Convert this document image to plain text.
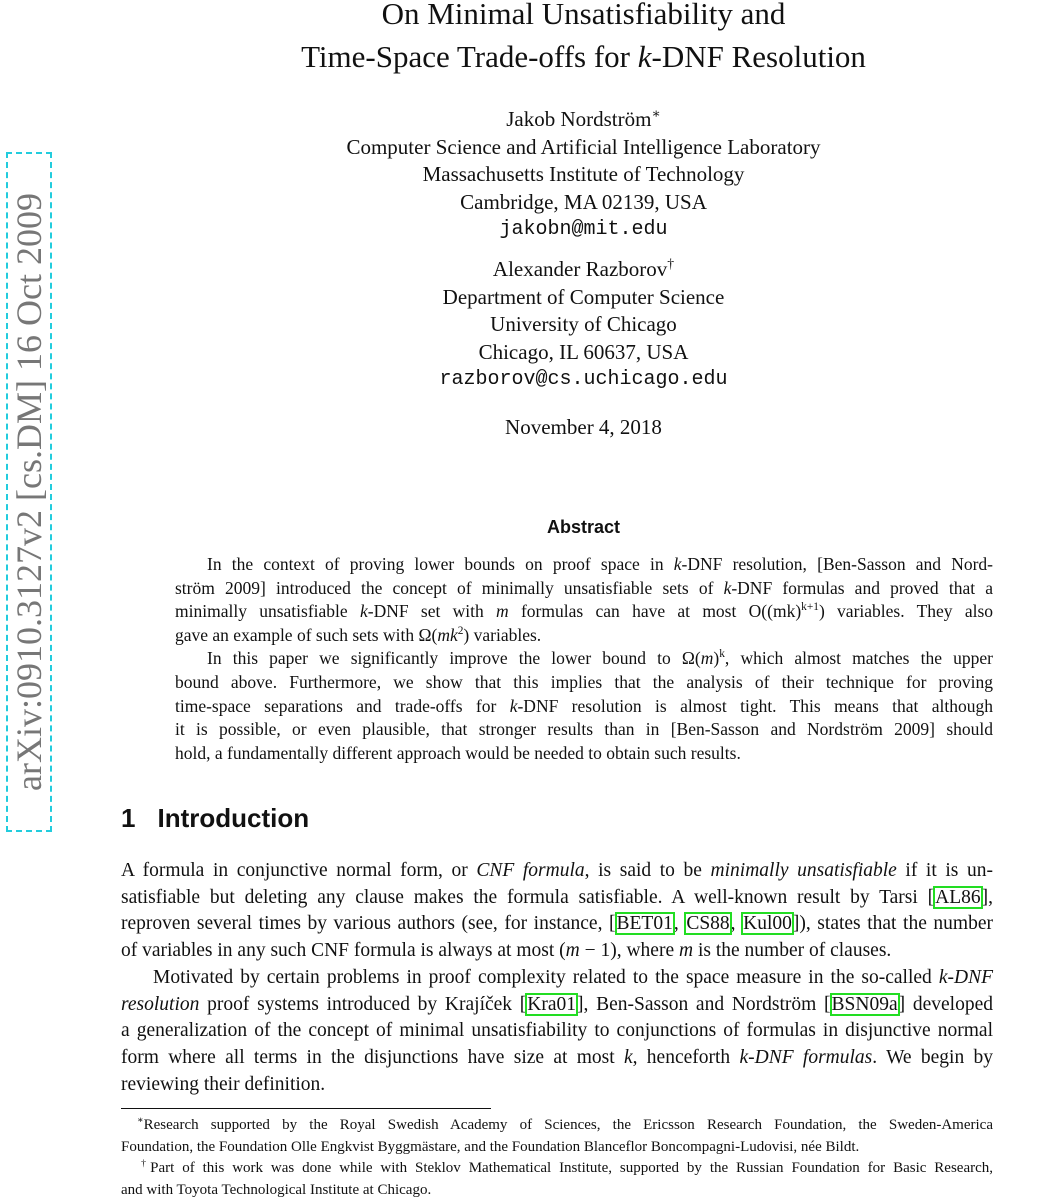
arXiv:0910.3127v2 [cs.DM] 16 Oct 2009
On Minimal Unsatisfiability and
Time-Space Trade-offs for k-DNF Resolution
Jakob Nordström∗
Computer Science and Artificial Intelligence Laboratory
Massachusetts Institute of Technology
Cambridge, MA 02139, USA
jakobn@mit.edu
Alexander Razborov†
Department of Computer Science
University of Chicago
Chicago, IL 60637, USA
razborov@cs.uchicago.edu
November 4, 2018
Abstract
In the context of proving lower bounds on proof space in k-DNF resolution, [Ben-Sasson and Nord-
ström 2009] introduced the concept of minimally unsatisfiable sets of k-DNF formulas and proved that a
minimally unsatisfiable k-DNF set with m formulas can have at most O((mk)$^{k+1}$) variables. They also
gave an example of such sets with $\Omega(mk^2)$ variables.
In this paper we significantly improve the lower bound to $\Omega(m)^k$, which almost matches the upper
bound above. Furthermore, we show that this implies that the analysis of their technique for proving
time-space separations and trade-offs for k-DNF resolution is almost tight. This means that although
it is possible, or even plausible, that stronger results than in [Ben-Sasson and Nordström 2009] should
hold, a fundamentally different approach would be needed to obtain such results.
1 Introduction
A formula in conjunctive normal form, or CNF formula, is said to be minimally unsatisfiable if it is un-
satisfiable but deleting any clause makes the formula satisfiable. A well-known result by Tarsi [AL86],
reproven several times by various authors (see, for instance, [BET01, CS88, Kul00]), states that the number
of variables in any such CNF formula is always at most (m − 1), where m is the number of clauses.
Motivated by certain problems in proof complexity related to the space measure in the so-called k-DNF
resolution proof systems introduced by Krajíček [Kra01], Ben-Sasson and Nordström [BSN09a] developed
a generalization of the concept of minimal unsatisfiability to conjunctions of formulas in disjunctive normal
form where all terms in the disjunctions have size at most k, henceforth k-DNF formulas. We begin by
reviewing their definition.
∗Research supported by the Royal Swedish Academy of Sciences, the Ericsson Research Foundation, the Sweden-America
Foundation, the Foundation Olle Engkvist Byggmästare, and the Foundation Blanceflor Boncompagni-Ludovisi, née Bildt.
†Part of this work was done while with Steklov Mathematical Institute, supported by the Russian Foundation for Basic Research,
and with Toyota Technological Institute at Chicago.
